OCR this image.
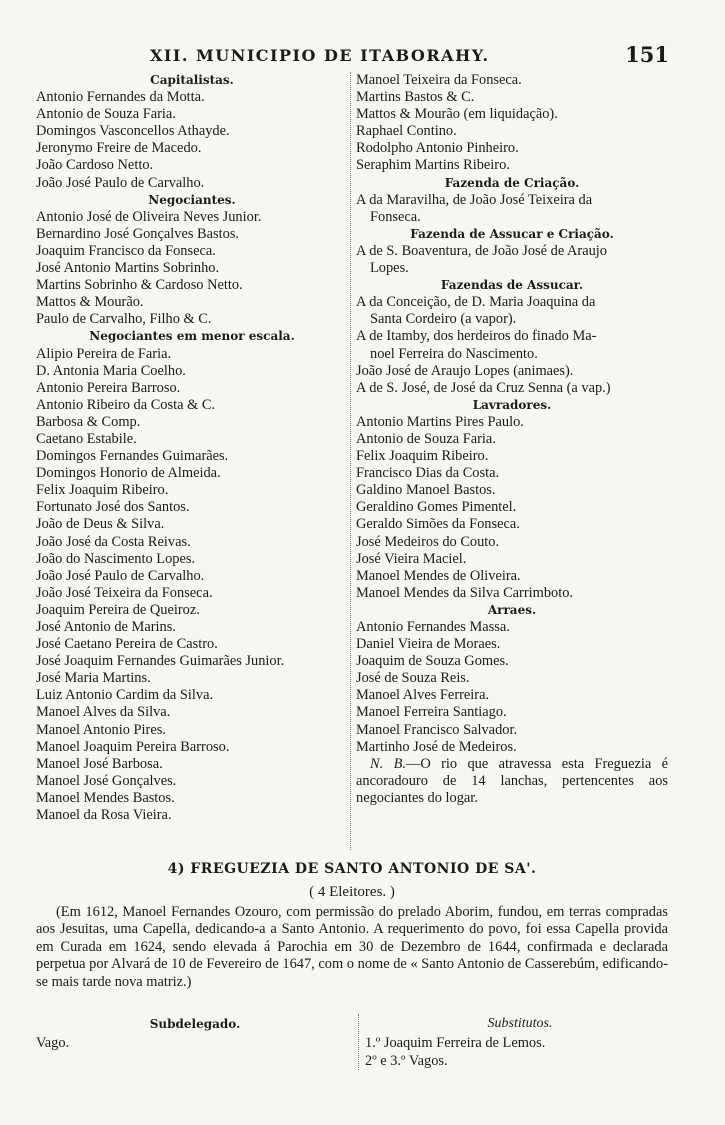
XII. MUNICIPIO DE ITABORAHY.	151
Capitalistas.
Antonio Fernandes da Motta.
Antonio de Souza Faria.
Domingos Vasconcellos Athayde.
Jeronymo Freire de Macedo.
João Cardoso Netto.
João José Paulo de Carvalho.
Negociantes.
Antonio José de Oliveira Neves Junior.
Bernardino José Gonçalves Bastos.
Joaquim Francisco da Fonseca.
José Antonio Martins Sobrinho.
Martins Sobrinho & Cardoso Netto.
Mattos & Mourão.
Paulo de Carvalho, Filho & C.
Negociantes em menor escala.
Alipio Pereira de Faria.
D. Antonia Maria Coelho.
Antonio Pereira Barroso.
Antonio Ribeiro da Costa & C.
Barbosa & Comp.
Caetano Estabile.
Domingos Fernandes Guimarães.
Domingos Honorio de Almeida.
Felix Joaquim Ribeiro.
Fortunato José dos Santos.
João de Deus & Silva.
João José da Costa Reivas.
João do Nascimento Lopes.
João José Paulo de Carvalho.
João José Teixeira da Fonseca.
Joaquim Pereira de Queiroz.
José Antonio de Marins.
José Caetano Pereira de Castro.
José Joaquim Fernandes Guimarães Junior.
José Maria Martins.
Luiz Antonio Cardim da Silva.
Manoel Alves da Silva.
Manoel Antonio Pires.
Manoel Joaquim Pereira Barroso.
Manoel José Barbosa.
Manoel José Gonçalves.
Manoel Mendes Bastos.
Manoel da Rosa Vieira.
Manoel Teixeira da Fonseca.
Martins Bastos & C.
Mattos & Mourão (em liquidação).
Raphael Contino.
Rodolpho Antonio Pinheiro.
Seraphim Martins Ribeiro.
Fazenda de Criação.
A da Maravilha, de João José Teixeira da
Fonseca.
Fazenda de Assucar e Criação.
A de S. Boaventura, de João José de Araujo
Lopes.
Fazendas de Assucar.
A da Conceição, de D. Maria Joaquina da
Santa Cordeiro (a vapor).
A de Itamby, dos herdeiros do finado Ma-
noel Ferreira do Nascimento.
João José de Araujo Lopes (animaes).
A de S. José, de José da Cruz Senna (a vap.)
Lavradores.
Antonio Martins Pires Paulo.
Antonio de Souza Faria.
Felix Joaquim Ribeiro.
Francisco Dias da Costa.
Galdino Manoel Bastos.
Geraldino Gomes Pimentel.
Geraldo Simões da Fonseca.
José Medeiros do Couto.
José Vieira Maciel.
Manoel Mendes de Oliveira.
Manoel Mendes da Silva Carrimboto.
Arraes.
Antonio Fernandes Massa.
Daniel Vieira de Moraes.
Joaquim de Souza Gomes.
José de Souza Reis.
Manoel Alves Ferreira.
Manoel Ferreira Santiago.
Manoel Francisco Salvador.
Martinho José de Medeiros.
N. B.—O rio que atravessa esta Freguezia é ancoradouro de 14 lanchas, pertencentes aos negociantes do logar.
4) FREGUEZIA DE SANTO ANTONIO DE SA'.
( 4 Eleitores. )
(Em 1612, Manoel Fernandes Ozouro, com permissão do prelado Aborim, fundou, em terras compradas aos Jesuitas, uma Capella, dedicando-a a Santo Antonio. A requerimento do povo, foi essa Capella provida em Curada em 1624, sendo elevada á Parochia em 30 de Dezembro de 1644, confirmada e declarada perpetua por Alvará de 10 de Fevereiro de 1647, com o nome de « Santo Antonio de Casserebúm, edificando-se mais tarde nova matriz.)
Subdelegado.
Vago.
Substitutos.
1.º Joaquim Ferreira de Lemos.
2º e 3.º Vagos.
